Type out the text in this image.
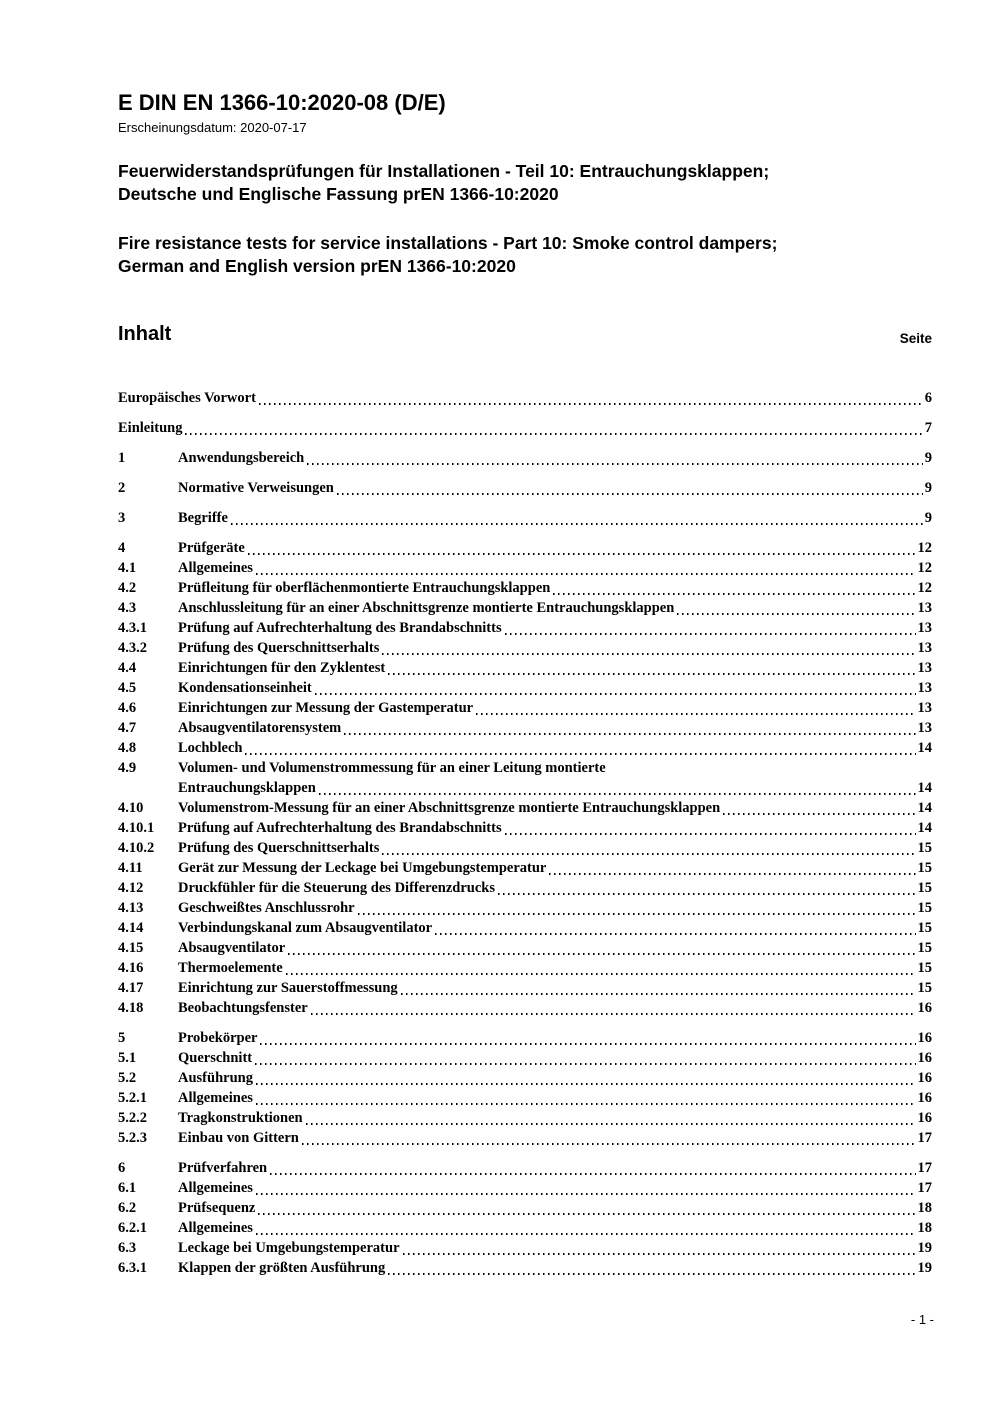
E DIN EN 1366-10:2020-08 (D/E)
Erscheinungsdatum: 2020-07-17
Feuerwiderstandsprüfungen für Installationen - Teil 10: Entrauchungsklappen;
Deutsche und Englische Fassung prEN 1366-10:2020
Fire resistance tests for service installations - Part 10: Smoke control dampers;
German and English version prEN 1366-10:2020
Inhalt	Seite
Europäisches Vorwort	6
Einleitung	7
1	Anwendungsbereich	9
2	Normative Verweisungen	9
3	Begriffe	9
4	Prüfgeräte	12
4.1	Allgemeines	12
4.2	Prüfleitung für oberflächenmontierte Entrauchungsklappen	12
4.3	Anschlussleitung für an einer Abschnittsgrenze montierte Entrauchungsklappen	13
4.3.1	Prüfung auf Aufrechterhaltung des Brandabschnitts	13
4.3.2	Prüfung des Querschnittserhalts	13
4.4	Einrichtungen für den Zyklentest	13
4.5	Kondensationseinheit	13
4.6	Einrichtungen zur Messung der Gastemperatur	13
4.7	Absaugventilatorensystem	13
4.8	Lochblech	14
4.9	Volumen- und Volumenstrommessung für an einer Leitung montierte
Entrauchungsklappen	14
4.10	Volumenstrom-Messung für an einer Abschnittsgrenze montierte Entrauchungsklappen	14
4.10.1	Prüfung auf Aufrechterhaltung des Brandabschnitts	14
4.10.2	Prüfung des Querschnittserhalts	15
4.11	Gerät zur Messung der Leckage bei Umgebungstemperatur	15
4.12	Druckfühler für die Steuerung des Differenzdrucks	15
4.13	Geschweißtes Anschlussrohr	15
4.14	Verbindungskanal zum Absaugventilator	15
4.15	Absaugventilator	15
4.16	Thermoelemente	15
4.17	Einrichtung zur Sauerstoffmessung	15
4.18	Beobachtungsfenster	16
5	Probekörper	16
5.1	Querschnitt	16
5.2	Ausführung	16
5.2.1	Allgemeines	16
5.2.2	Tragkonstruktionen	16
5.2.3	Einbau von Gittern	17
6	Prüfverfahren	17
6.1	Allgemeines	17
6.2	Prüfsequenz	18
6.2.1	Allgemeines	18
6.3	Leckage bei Umgebungstemperatur	19
6.3.1	Klappen der größten Ausführung	19
- 1 -
